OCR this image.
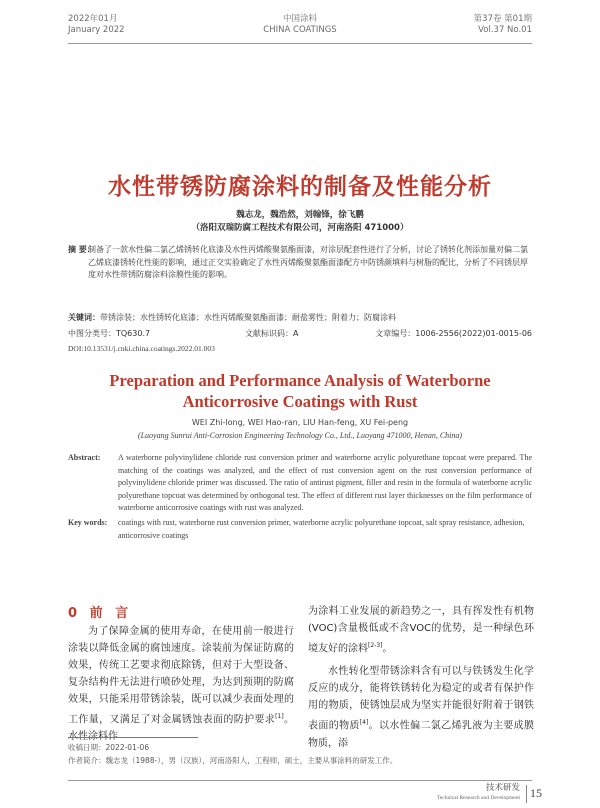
2022年01月
January 2022
中国涂料
CHINA COATINGS
第37卷 第01期
Vol.37 No.01
水性带锈防腐涂料的制备及性能分析
魏志龙，魏浩然，刘翰锋，徐飞鹏
（洛阳双瑞防腐工程技术有限公司，河南洛阳 471000）
摘 要：
制备了一款水性偏二氯乙烯锈转化底漆及水性丙烯酸聚氨酯面漆，对涂层配套性进行了分析，讨论了锈转化剂添加量对偏二氯乙烯底漆锈转化性能的影响，通过正交实验确定了水性丙烯酸聚氨酯面漆配方中防锈颜填料与树脂的配比，分析了不同锈层厚度对水性带锈防腐涂料涂膜性能的影响。
关键词：带锈涂装；水性锈转化底漆；水性丙烯酸聚氨酯面漆；耐盐雾性；附着力；防腐涂料
中图分类号：TQ630.7	文献标识码：A	文章编号：1006-2556(2022)01-0015-06
DOI:10.13531/j.cnki.china.coatings.2022.01.003
Preparation and Performance Analysis of Waterborne
Anticorrosive Coatings with Rust
WEI Zhi-long, WEI Hao-ran, LIU Han-feng, XU Fei-peng
(Luoyang Sunrui Anti-Corrosion Engineering Technology Co., Ltd., Luoyang 471000, Henan, China)
Abstract: A waterborne polyvinylidene chloride rust conversion primer and waterborne acrylic polyurethane topcoat were prepared. The matching of the coatings was analyzed, and the effect of rust conversion agent on the rust conversion performance of polyvinylidene chloride primer was discussed. The ratio of antirust pigment, filler and resin in the formula of waterborne acrylic polyurethane topcoat was determined by orthogonal test. The effect of different rust layer thicknesses on the film performance of waterborne anticorrosive coatings with rust was analyzed.
Key words: coatings with rust, waterborne rust conversion primer, waterborne acrylic polyurethane topcoat, salt spray resistance, adhesion, anticorrosive coatings
0 前 言
为了保障金属的使用寿命，在使用前一般进行涂装以降低金属的腐蚀速度。涂装前为保证防腐的效果，传统工艺要求彻底除锈，但对于大型设备、复杂结构件无法进行喷砂处理，为达到预期的防腐效果，只能采用带锈涂装，既可以减少表面处理的工作量，又满足了对金属锈蚀表面的防护要求[1]。水性涂料作

为涂料工业发展的新趋势之一，具有挥发性有机物(VOC)含量极低或不含VOC的优势，是一种绿色环境友好的涂料[2-3]。

水性转化型带锈涂料含有可以与铁锈发生化学反应的成分，能将铁锈转化为稳定的或者有保护作用的物质，使锈蚀层成为坚实并能很好附着于钢铁表面的物质[4]。以水性偏二氯乙烯乳液为主要成膜物质，添

收稿日期：2022-01-06
作者简介：魏志龙（1988-），男（汉族），河南洛阳人，工程师，硕士，主要从事涂料的研发工作。
技术研发
Technical Research and Development 15
